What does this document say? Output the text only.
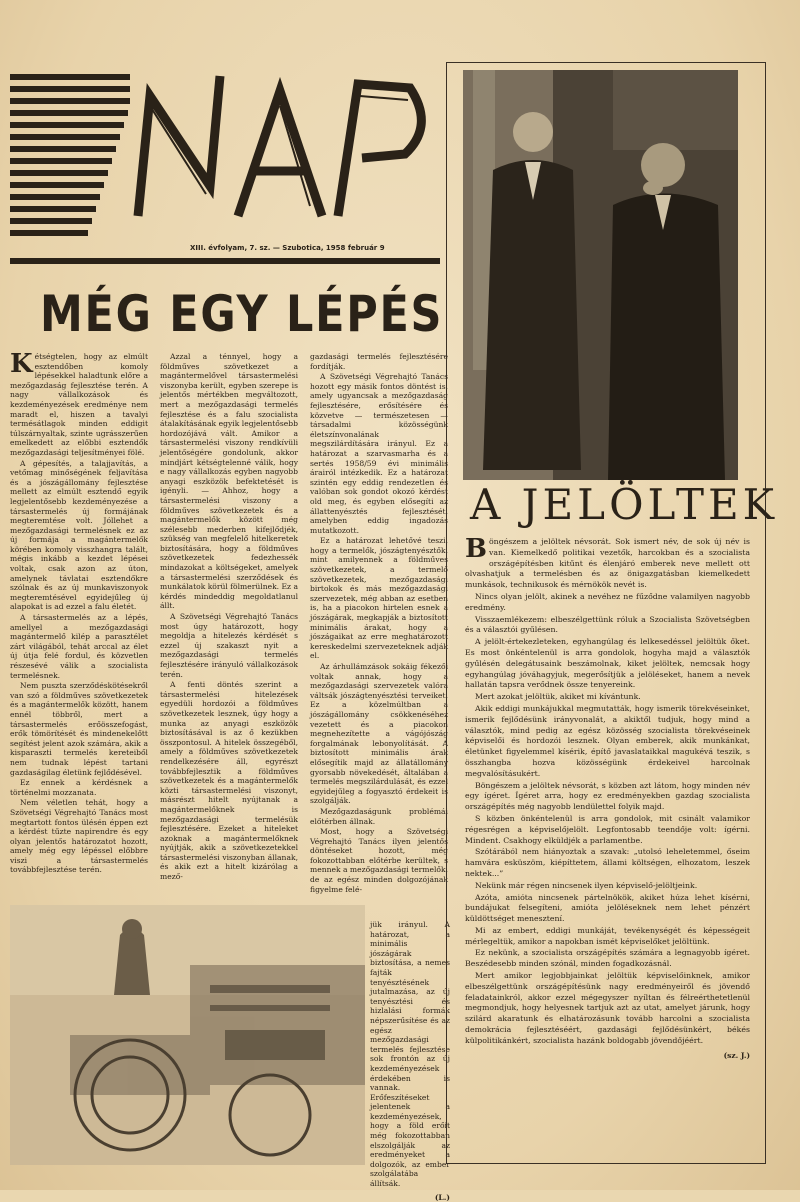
XIII. évfolyam, 7. sz. — Szubotica, 1958 február 9
MÉG EGY LÉPÉS

Kétségtelen, hogy az elmúlt esztendőben komoly lépésekkel haladtunk előre a mezőgazdaság fejlesztése terén. A nagy vállalkozások és kezdeményezések eredménye nem maradt el, hiszen a tavalyi termésátlagok minden eddigit túlszárnyaltak, szinte ugrásszerűen emelkedett az előbbi esztendők mezőgazdasági teljesítményei fölé.

A gépesítés, a talajjavítás, a vetőmag minőségének feljavítása és a jószágállomány fejlesztése mellett az elmúlt esztendő egyik legjelentősebb kezdeményezése a társastermelés új formájának megteremtése volt. Jóllehet a mezőgazdasági termelésnek ez az új formája a magántermelők körében komoly visszhangra talált, mégis inkább a kezdet lépései voltak, csak azon az úton, amelynek távlatai esztendőkre szólnak és az új munkaviszonyok megteremtésével egyidejűleg új alapokat is ad ezzel a falu életét.

A társastermelés az a lépés, amellyel a mezőgazdasági magántermelő kilép a parasztélet zárt világából, tehát arccal az élet új útja felé fordul, és közvetlen részesévé válik a szocialista termelésnek.

Nem puszta szerződéskötésekről van szó a földműves szövetkezetek és a magántermelők között, hanem ennél többről, mert a társastermelés erőösszefogást, erők tömörítését és mindenekelőtt segítést jelent azok számára, akik a kisparaszti termelés kereteiből nem tudnak lépést tartani gazdaságilag életünk fejlődésével.

Ez ennek a kérdésnek a történelmi mozzanata.

Nem véletlen tehát, hogy a Szövetségi Végrehajtó Tanács most megtartott fontos ülésén éppen ezt a kérdést tűzte napirendre és egy olyan jelentős határozatot hozott, amely még egy lépéssel előbbre viszi a társastermelés továbbfejlesztése terén.

Azzal a ténnyel, hogy a földműves szövetkezet a magántermelővel társastermelési viszonyba került, egyben szerepe is jelentős mértékben megváltozott, mert a mezőgazdasági termelés fejlesztése és a falu szocialista átalakításának egyik legjelentősebb hordozójává vált. Amikor a társastermelési viszony rendkívüli jelentőségére gondolunk, akkor mindjárt kétségtelenné válik, hogy e nagy vállalkozás egyben nagyobb anyagi eszközök befektetését is igényli. — Ahhoz, hogy a társastermelési viszony a földműves szövetkezetek és a magántermelők között még szélesebb mederben kifejlődjék, szükség van megfelelő hitelkeretek biztosítására, hogy a földműves szövetkezetek fedezhessék mindazokat a költségeket, amelyek a társastermelési szerződések és munkálatok körül fölmerülnek. Ez a kérdés mindeddig megoldatlanul állt.

A Szövetségi Végrehajtó Tanács most úgy határozott, hogy megoldja a hitelezés kérdését s ezzel új szakaszt nyit a mezőgazdasági termelés fejlesztésére irányuló vállalkozások terén.

A fenti döntés szerint a társastermelési hitelezések egyedüli hordozói a földműves szövetkezetek lesznek, úgy hogy a munka az anyagi eszközök biztosításával is az ő kezükben összpontosul. A hitelek összegéből, amely a földműves szövetkezetek rendelkezésére áll, egyrészt továbbfejlesztik a földműves szövetkezetek és a magántermelők közti társastermelési viszonyt, másrészt hitelt nyújtanak a magántermelőknek is mezőgazdasági termelésük fejlesztésére. Ezeket a hiteleket azoknak a magántermelőknek nyújtják, akik a szövetkezetekkel társastermelési viszonyban állanak, és akik ezt a hitelt kizárólag a mező-

gazdasági termelés fejlesztésére fordítják.

A Szövetségi Végrehajtó Tanács hozott egy másik fontos döntést is, amely ugyancsak a mezőgazdaság fejlesztésére, erősítésére és közvetve — természetesen — társadalmi közösségünk életszínvonalának megszilárdítására irányul. Ez a határozat a szarvasmarha és a sertés 1958/59 évi minimális árairól intézkedik. Ez a határozat szintén egy eddig rendezetlen és valóban sok gondot okozó kérdést old meg, és egyben elősegíti az állattenyésztés fejlesztését, amelyben eddig ingadozás mutatkozott.

Ez a határozat lehetővé teszi, hogy a termelők, jószágtenyésztők, mint amilyennek a földműves szövetkezetek, a termelő szövetkezetek, mezőgazdasági birtokok és más mezőgazdasági szervezetek, még abban az esetben is, ha a piacokon hirtelen esnek a jószágárak, megkapják a biztosított minimális árakat, hogy a jószágaikat az erre meghatározott kereskedelmi szervezeteknek adják el.

Az árhullámzások sokáig fékezői voltak annak, hogy a mezőgazdasági szervezetek valóra váltsák jószágtenyésztési terveiket. Ez a közelmúltban a jószágállomány csökkenéséhez vezetett és a piacokon megnehezítette a vágójószág forgalmának lebonyolítását. A biztosított minimális árak elősegítik majd az állatállomány gyorsabb növekedését, általában a termelés megszilárdulását, és ezzel egyidejűleg a fogyasztó érdekeit is szolgálják.

Mezőgazdaságunk problémái előtérben állnak.

Most, hogy a Szövetségi Végrehajtó Tanács ilyen jelentős döntéseket hozott, még fokozottabban előtérbe kerültek, s mennek a mezőgazdasági termelők, de az egész minden dolgozójának figyelme felé-

jük irányul. A határozat, a minimális jószágárak biztosítása, a nemes fajták tenyésztésének jutalmazása, az új tenyésztési és hizlalási formák népszerűsítése és az egész mezőgazdasági termelés fejlesztése sok frontón az új kezdeményezések érdekében is vannak. Erőfeszítéseket jelentenek a kezdeményezések, hogy a föld erőit még fokozottabban elszolgálják az eredményeket a dolgozók, az ember szolgálatába állítsák.

(L.)
A JELÖLTEK

Böngészem a jelöltek névsorát. Sok ismert név, de sok új név is van. Kiemelkedő politikai vezetők, harcokban és a szocialista országépítésben kitűnt és élenjáró emberek neve mellett ott olvashatjuk a termelésben és az önigazgatásban kiemelkedett munkások, technikusok és mérnökök nevét is.

Nincs olyan jelölt, akinek a nevéhez ne fűződne valamilyen nagyobb eredmény.

Visszaemlékezem: elbeszélgettünk róluk a Szocialista Szövetségben és a választói gyűlésen.

A jelölt-értekezleteken, egyhangúlag és lelkesedéssel jelöltük őket. Es most önkéntelenül is arra gondolok, hogyha majd a választók gyűlésén delegátusaink beszámolnak, kiket jelöltek, nemcsak hogy egyhangúlag jóváhagyjuk, megerősítjük a jelöléseket, hanem a nevek hallatán tapsra verődnek össze tenyereink.

Mert azokat jelöltük, akiket mi kívántunk.

Akik eddigi munkájukkal megmutatták, hogy ismerik törekvéseinket, ismerik fejlődésünk irányvonalát, a akiktől tudjuk, hogy mind a választók, mind pedig az egész közösség szocialista törekvéseinek képviselői és hordozói lesznek. Olyan emberek, akik munkánkat, életünket figyelemmel kísérik, építő javaslataikkal magukévá teszik, s összhangba hozva közösségünk érdekeivel harcolnak megvalósításukért.

Böngészem a jelöltek névsorát, s közben azt látom, hogy minden név egy ígéret. Ígéret arra, hogy ez eredményekben gazdag szocialista országépítés még nagyobb lendülettel folyik majd.

S közben önkéntelenül is arra gondolok, mit csinált valamikor régesrégen a képviselőjelölt. Legfontosabb teendője volt: ígérni. Mindent. Csakhogy elküldjék a parlamentbe.

Szótárából nem hiányoztak a szavak: „utolsó leheletemmel, őseim hamvára esküszöm, kiépíttetem, állami költségen, elhozatom, leszek nektek...”

Nekünk már régen nincsenek ilyen képviselő-jelöltjeink.

Azóta, amióta nincsenek pártelnökök, akiket húza lehet kísérni, bundájukat felsegíteni, amióta jelöléseknek nem lehet pénzért küldöttséget menesztení.

Mi az embert, eddigi munkáját, tevékenységét és képességeit mérlegeltük, amikor a napokban ismét képviselőket jelöltünk.

Ez nekünk, a szocialista országépítés számára a legnagyobb ígéret. Beszédesebb minden szónál, minden fogadkozásnál.

Mert amikor legjobbjainkat jelöltük képviselőinknek, amikor elbeszélgettünk országépítésünk nagy eredményeiről és jövendő feladatainkról, akkor ezzel mégegyszer nyíltan és félreérthetetlenül megmondjuk, hogy helyesnek tartjuk azt az utat, amelyet járunk, hogy szilárd akaratunk és elhatározásunk tovább harcolni a szocialista demokrácia fejlesztéséért, gazdasági fejlődésünkért, békés külpolitikánkért, szocialista hazánk boldogabb jövendőjéért.

(sz. J.)
